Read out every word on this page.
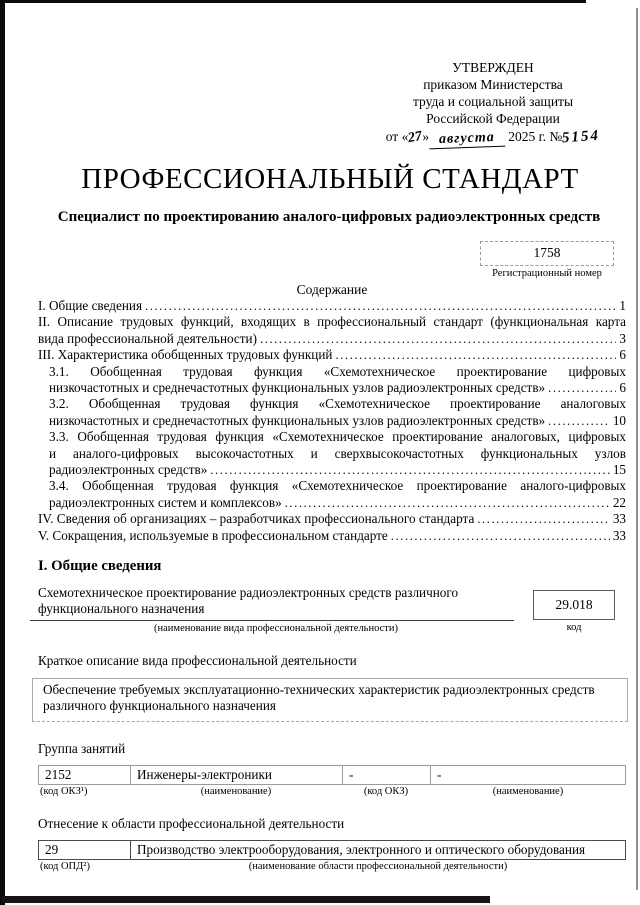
УТВЕРЖДЕН
приказом Министерства
труда и социальной защиты
Российской Федерации
от «27» августа 2025 г. №5154
ПРОФЕССИОНАЛЬНЫЙ СТАНДАРТ
Специалист по проектированию аналого-цифровых радиоэлектронных средств
1758
Регистрационный номер
Содержание
I. Общие сведения .....	1
II. Описание трудовых функций, входящих в профессиональный стандарт (функциональная карта
вида профессиональной деятельности) .....	3
III. Характеристика обобщенных трудовых функций .....	6
3.1. Обобщенная трудовая функция «Схемотехническое проектирование цифровых
низкочастотных и среднечастотных функциональных узлов радиоэлектронных средств» .....	6
3.2. Обобщенная трудовая функция «Схемотехническое проектирование аналоговых
низкочастотных и среднечастотных функциональных узлов радиоэлектронных средств» .....	10
3.3. Обобщенная трудовая функция «Схемотехническое проектирование аналоговых, цифровых
и аналого-цифровых высокочастотных и сверхвысокочастотных функциональных узлов
радиоэлектронных средств» .....	15
3.4. Обобщенная трудовая функция «Схемотехническое проектирование аналого-цифровых
радиоэлектронных систем и комплексов» .....	22
IV. Сведения об организациях – разработчиках профессионального стандарта .....	33
V. Сокращения, используемые в профессиональном стандарте .....	33
I. Общие сведения
Схемотехническое проектирование радиоэлектронных средств различного функционального назначения
(наименование вида профессиональной деятельности)
29.018
код
Краткое описание вида профессиональной деятельности
Обеспечение требуемых эксплуатационно-технических характеристик радиоэлектронных средств различного функционального назначения
Группа занятий
2152	Инженеры-электроники	-	-
(код ОКЗ¹)	(наименование)	(код ОКЗ)	(наименование)
Отнесение к области профессиональной деятельности
29	Производство электрооборудования, электронного и оптического оборудования
(код ОПД²)	(наименование области профессиональной деятельности)
